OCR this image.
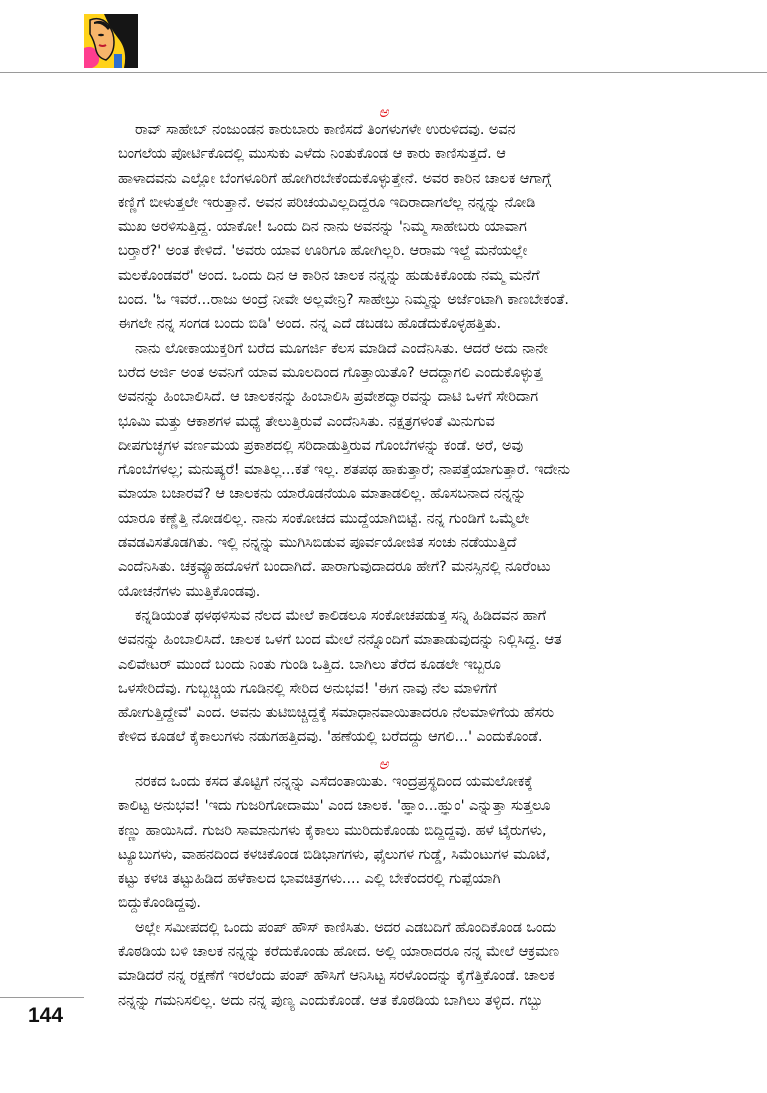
ಅ
ರಾವ್ ಸಾಹೇಬ್ ನಂಜುಂಡನ ಕಾರುಬಾರು ಕಾಣಿಸದೆ ತಿಂಗಳುಗಳೇ ಉರುಳಿದವು. ಅವನ
ಬಂಗಲೆಯ ಪೋರ್ಟಿಕೊದಲ್ಲಿ ಮುಸುಕು ಎಳೆದು ನಿಂತುಕೊಂಡ ಆ ಕಾರು ಕಾಣಿಸುತ್ತದೆ. ಆ
ಹಾಳಾದವನು ಎಲ್ಲೋ ಬೆಂಗಳೂರಿಗೆ ಹೋಗಿರಬೇಕೆಂದುಕೊಳ್ಳುತ್ತೇನೆ. ಅವರ ಕಾರಿನ ಚಾಲಕ ಆಗಾಗ್ಗೆ
ಕಣ್ಣಿಗೆ ಬೀಳುತ್ತಲೇ ಇರುತ್ತಾನೆ. ಅವನ ಪರಿಚಯವಿಲ್ಲದಿದ್ದರೂ ಇದಿರಾದಾಗಲೆಲ್ಲ ನನ್ನನ್ನು ನೋಡಿ
ಮುಖ ಅರಳಿಸುತ್ತಿದ್ದ. ಯಾಕೋ! ಒಂದು ದಿನ ನಾನು ಅವನನ್ನು 'ನಿಮ್ಮ ಸಾಹೇಬರು ಯಾವಾಗ
ಬರ್‍ತಾರೆ?' ಅಂತ ಕೇಳಿದೆ. 'ಅವರು ಯಾವ ಊರಿಗೂ ಹೋಗಿಲ್ಲರಿ. ಆರಾಮ ಇಲ್ದೆ ಮನೆಯಲ್ಲೇ
ಮಲಕೊಂಡವರೆ' ಅಂದ. ಒಂದು ದಿನ ಆ ಕಾರಿನ ಚಾಲಕ ನನ್ನನ್ನು ಹುಡುಕಿಕೊಂಡು ನಮ್ಮ ಮನೆಗೆ
ಬಂದ. 'ಓ ಇವರೆ...ರಾಜು ಅಂದ್ರೆ ನೀವೇ ಅಲ್ಲವೇನ್ರಿ? ಸಾಹೇಬ್ರು ನಿಮ್ಮನ್ನು ಅರ್ಜೆಂಟಾಗಿ ಕಾಣಬೇಕಂತೆ.
ಈಗಲೇ ನನ್ನ ಸಂಗಡ ಬಂದು ಬಿಡಿ' ಅಂದ. ನನ್ನ ಎದೆ ಡಬಡಬ ಹೊಡೆದುಕೊಳ್ಳಹತ್ತಿತು.
ನಾನು ಲೋಕಾಯುಕ್ತರಿಗೆ ಬರೆದ ಮೂಗರ್ಜಿ ಕೆಲಸ ಮಾಡಿದೆ ಎಂದೆನಿಸಿತು. ಆದರೆ ಅದು ನಾನೇ
ಬರೆದ ಅರ್ಜಿ ಅಂತ ಅವನಿಗೆ ಯಾವ ಮೂಲದಿಂದ ಗೊತ್ತಾಯಿತೊ? ಆದದ್ದಾಗಲಿ ಎಂದುಕೊಳ್ಳುತ್ತ
ಅವನನ್ನು ಹಿಂಬಾಲಿಸಿದೆ. ಆ ಚಾಲಕನನ್ನು ಹಿಂಬಾಲಿಸಿ ಪ್ರವೇಶದ್ವಾರವನ್ನು ದಾಟಿ ಒಳಗೆ ಸೇರಿದಾಗ
ಭೂಮಿ ಮತ್ತು ಆಕಾಶಗಳ ಮಧ್ಯೆ ತೇಲುತ್ತಿರುವೆ ಎಂದೆನಿಸಿತು. ನಕ್ಷತ್ರಗಳಂತೆ ಮಿನುಗುವ
ದೀಪಗುಚ್ಛಗಳ ವರ್ಣಮಯ ಪ್ರಕಾಶದಲ್ಲಿ ಸರಿದಾಡುತ್ತಿರುವ ಗೊಂಬೆಗಳನ್ನು ಕಂಡೆ. ಅರೆ, ಅವು
ಗೊಂಬೆಗಳಲ್ಲ; ಮನುಷ್ಯರೆ! ಮಾತಿಲ್ಲ...ಕತೆ ಇಲ್ಲ. ಶತಪಥ ಹಾಕುತ್ತಾರೆ; ನಾಪತ್ತೆಯಾಗುತ್ತಾರೆ. ಇದೇನು
ಮಾಯಾ ಬಜಾರವೆ? ಆ ಚಾಲಕನು ಯಾರೊಡನೆಯೂ ಮಾತಾಡಲಿಲ್ಲ. ಹೊಸಬನಾದ ನನ್ನನ್ನು
ಯಾರೂ ಕಣ್ಣೆತ್ತಿ ನೋಡಲಿಲ್ಲ. ನಾನು ಸಂಕೋಚದ ಮುದ್ದೆಯಾಗಿಬಿಟ್ಟೆ. ನನ್ನ ಗುಂಡಿಗೆ ಒಮ್ಮೆಲೇ
ಡವಡವಿಸತೊಡಗಿತು. ಇಲ್ಲಿ ನನ್ನನ್ನು ಮುಗಿಸಿಬಿಡುವ ಪೂರ್ವಯೋಜಿತ ಸಂಚು ನಡೆಯುತ್ತಿದೆ
ಎಂದೆನಿಸಿತು. ಚಕ್ರವ್ಯೂಹದೊಳಗೆ ಬಂದಾಗಿದೆ. ಪಾರಾಗುವುದಾದರೂ ಹೇಗೆ? ಮನಸ್ಸಿನಲ್ಲಿ ನೂರೆಂಟು
ಯೋಚನೆಗಳು ಮುತ್ತಿಕೊಂಡವು.
ಕನ್ನಡಿಯಂತೆ ಥಳಥಳಿಸುವ ನೆಲದ ಮೇಲೆ ಕಾಲಿಡಲೂ ಸಂಕೋಚಪಡುತ್ತ ಸನ್ನಿ ಹಿಡಿದವನ ಹಾಗೆ
ಅವನನ್ನು ಹಿಂಬಾಲಿಸಿದೆ. ಚಾಲಕ ಒಳಗೆ ಬಂದ ಮೇಲೆ ನನ್ನೊಂದಿಗೆ ಮಾತಾಡುವುದನ್ನು ನಿಲ್ಲಿಸಿದ್ದ. ಆತ
ಎಲಿವೇಟರ್ ಮುಂದೆ ಬಂದು ನಿಂತು ಗುಂಡಿ ಒತ್ತಿದ. ಬಾಗಿಲು ತೆರೆದ ಕೂಡಲೇ ಇಬ್ಬರೂ
ಒಳಸೇರಿದೆವು. ಗುಬ್ಬಚ್ಚಿಯ ಗೂಡಿನಲ್ಲಿ ಸೇರಿದ ಅನುಭವ! 'ಈಗ ನಾವು ನೆಲ ಮಾಳಿಗೆಗೆ
ಹೋಗುತ್ತಿದ್ದೇವೆ' ಎಂದ. ಅವನು ತುಟಿಬಿಚ್ಚಿದ್ದಕ್ಕೆ ಸಮಾಧಾನವಾಯಿತಾದರೂ ನೆಲಮಾಳಿಗೆಯ ಹೆಸರು
ಕೇಳಿದ ಕೂಡಲೆ ಕೈಕಾಲುಗಳು ನಡುಗಹತ್ತಿದವು. 'ಹಣೆಯಲ್ಲಿ ಬರೆದದ್ದು ಆಗಲಿ...' ಎಂದುಕೊಂಡೆ.
ಅ
ನರಕದ ಒಂದು ಕಸದ ತೊಟ್ಟಿಗೆ ನನ್ನನ್ನು ಎಸೆದಂತಾಯಿತು. ಇಂದ್ರಪ್ರಸ್ಥದಿಂದ ಯಮಲೋಕಕ್ಕೆ
ಕಾಲಿಟ್ಟ ಅನುಭವ! 'ಇದು ಗುಜರಿಗೋದಾಮು' ಎಂದ ಚಾಲಕ. 'ಹ್ಞಾಂ...ಹ್ಞುಂ' ಎನ್ನುತ್ತಾ ಸುತ್ತಲೂ
ಕಣ್ಣು ಹಾಯಿಸಿದೆ. ಗುಜರಿ ಸಾಮಾನುಗಳು ಕೈಕಾಲು ಮುರಿದುಕೊಂಡು ಬಿದ್ದಿದ್ದವು. ಹಳೆ ಟೈರುಗಳು,
ಟ್ಯೂಬುಗಳು, ವಾಹನದಿಂದ ಕಳಚಿಕೊಂಡ ಬಿಡಿಭಾಗಗಳು, ಫೈಲುಗಳ ಗುಡ್ಡೆ, ಸಿಮೆಂಟುಗಳ ಮೂಟೆ,
ಕಟ್ಟು ಕಳಚಿ ತಟ್ಟುಹಿಡಿದ ಹಳೆಕಾಲದ ಭಾವಚಿತ್ರಗಳು.... ಎಲ್ಲಿ ಬೇಕೆಂದರಲ್ಲಿ ಗುಪ್ಪೆಯಾಗಿ
ಬಿದ್ದುಕೊಂಡಿದ್ದವು.
ಅಲ್ಲೇ ಸಮೀಪದಲ್ಲಿ ಒಂದು ಪಂಪ್ ಹೌಸ್ ಕಾಣಿಸಿತು. ಅದರ ಎಡಬದಿಗೆ ಹೊಂದಿಕೊಂಡ ಒಂದು
ಕೊಠಡಿಯ ಬಳಿ ಚಾಲಕ ನನ್ನನ್ನು ಕರೆದುಕೊಂಡು ಹೋದ. ಅಲ್ಲಿ ಯಾರಾದರೂ ನನ್ನ ಮೇಲೆ ಆಕ್ರಮಣ
ಮಾಡಿದರೆ ನನ್ನ ರಕ್ಷಣೆಗೆ ಇರಲೆಂದು ಪಂಪ್ ಹೌಸಿಗೆ ಆನಿಸಿಟ್ಟ ಸರಳೊಂದನ್ನು ಕೈಗೆತ್ತಿಕೊಂಡೆ. ಚಾಲಕ
ನನ್ನನ್ನು ಗಮನಿಸಲಿಲ್ಲ. ಅದು ನನ್ನ ಪುಣ್ಯ ಎಂದುಕೊಂಡೆ. ಆತ ಕೊಠಡಿಯ ಬಾಗಿಲು ತಳ್ಳಿದ. ಗಬ್ಬು
144
